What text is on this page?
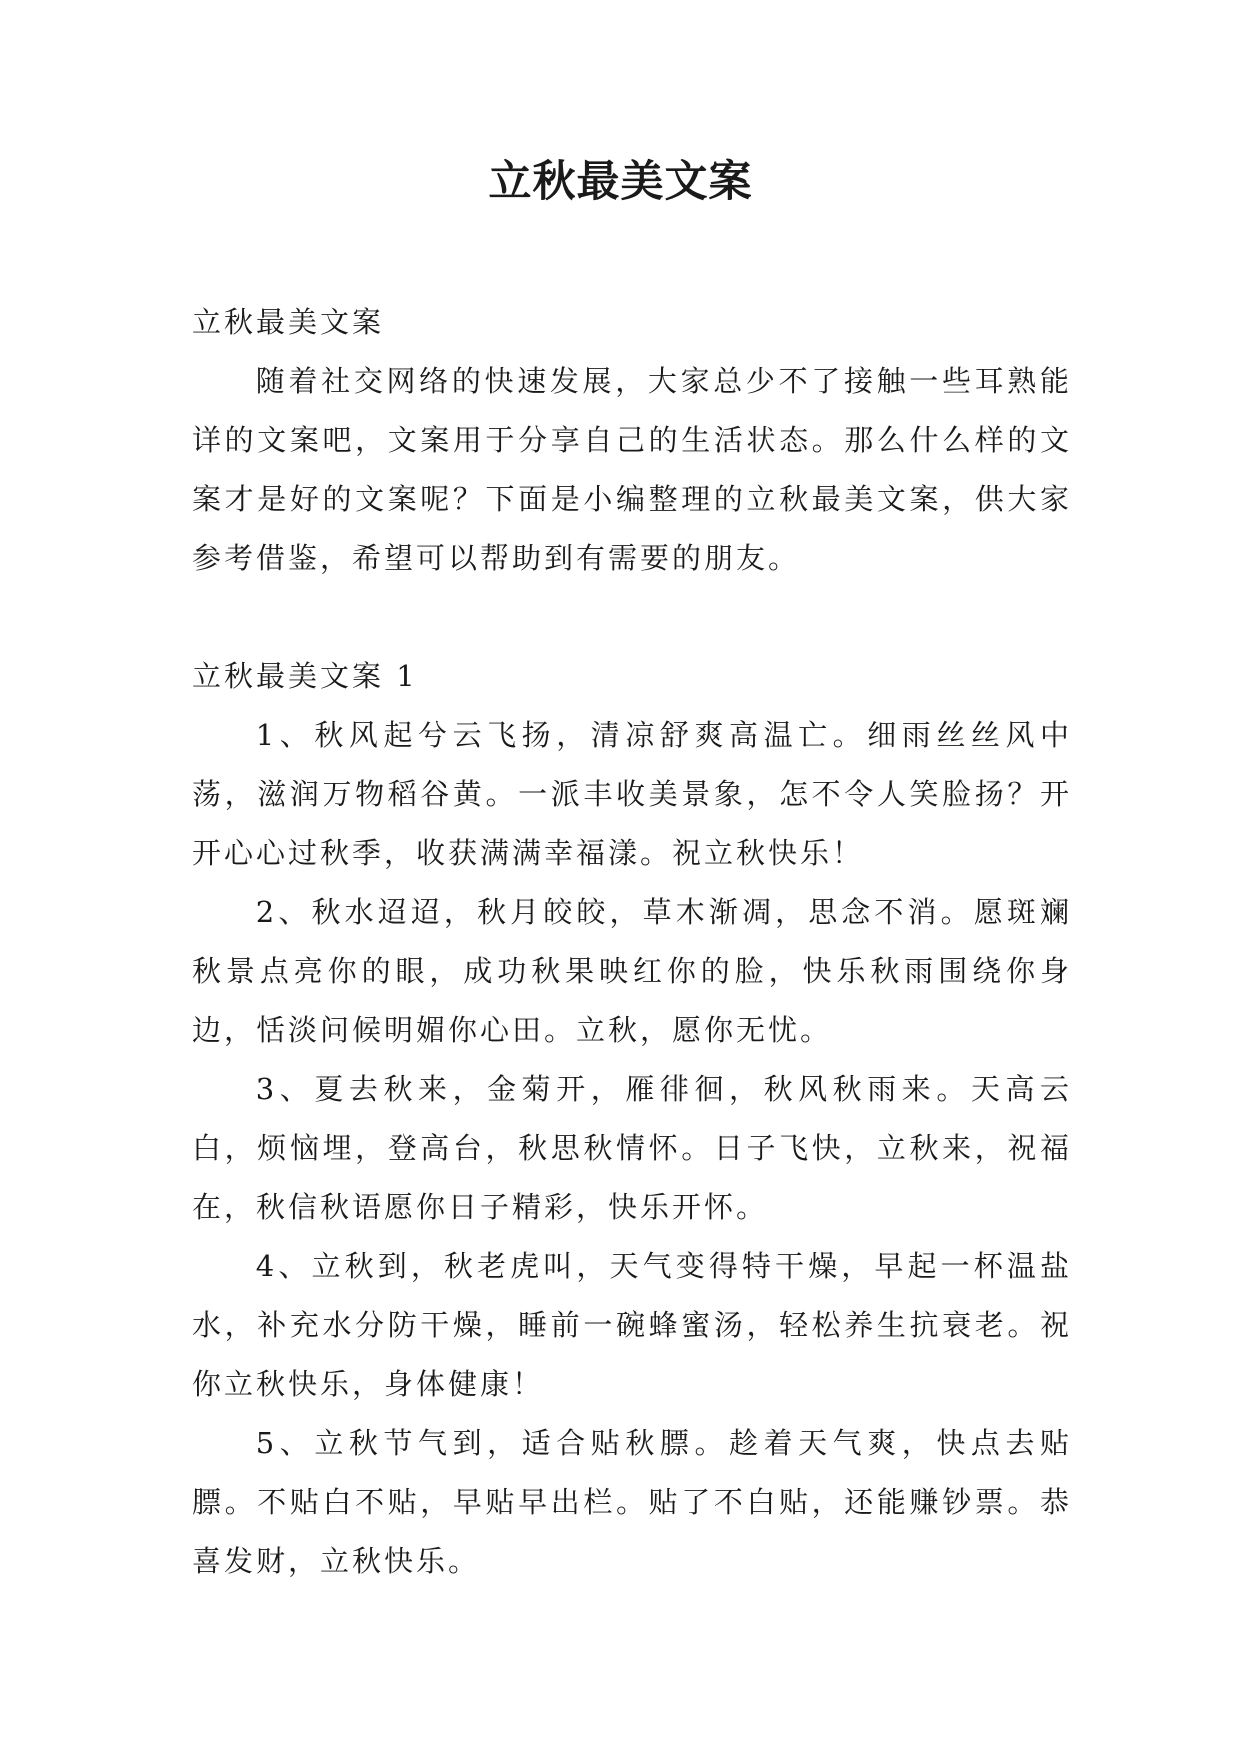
立秋最美文案

立秋最美文案

随着社交网络的快速发展，大家总少不了接触一些耳熟能详的文案吧，文案用于分享自己的生活状态。那么什么样的文案才是好的文案呢？下面是小编整理的立秋最美文案，供大家参考借鉴，希望可以帮助到有需要的朋友。

立秋最美文案 1

1、秋风起兮云飞扬，清凉舒爽高温亡。细雨丝丝风中荡，滋润万物稻谷黄。一派丰收美景象，怎不令人笑脸扬？开开心心过秋季，收获满满幸福漾。祝立秋快乐！

2、秋水迢迢，秋月皎皎，草木渐凋，思念不消。愿斑斓秋景点亮你的眼，成功秋果映红你的脸，快乐秋雨围绕你身边，恬淡问候明媚你心田。立秋，愿你无忧。

3、夏去秋来，金菊开，雁徘徊，秋风秋雨来。天高云白，烦恼埋，登高台，秋思秋情怀。日子飞快，立秋来，祝福在，秋信秋语愿你日子精彩，快乐开怀。

4、立秋到，秋老虎叫，天气变得特干燥，早起一杯温盐水，补充水分防干燥，睡前一碗蜂蜜汤，轻松养生抗衰老。祝你立秋快乐，身体健康！

5、立秋节气到，适合贴秋膘。趁着天气爽，快点去贴膘。不贴白不贴，早贴早出栏。贴了不白贴，还能赚钞票。恭喜发财，立秋快乐。
